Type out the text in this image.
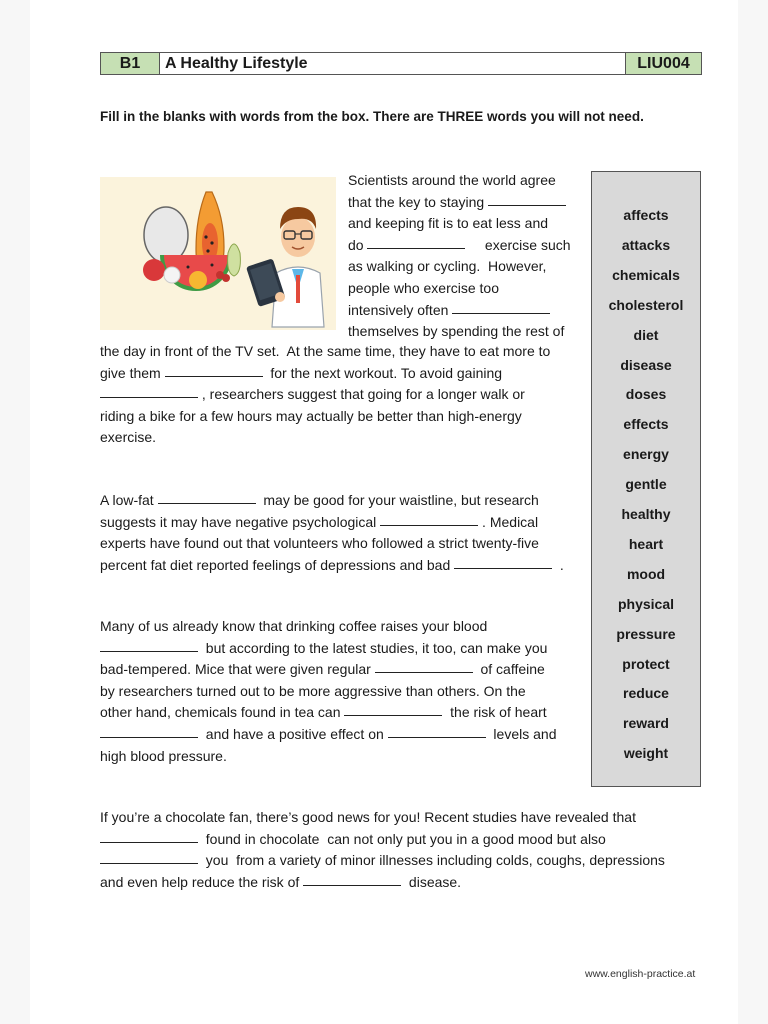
B1	A Healthy Lifestyle	LIU004
Fill in the blanks with words from the box. There are THREE words you will not need.
Scientists around the world agree
that the key to staying
and keeping fit is to eat less and
do	exercise such
as walking or cycling.  However,
people who exercise too
intensively often
themselves by spending the rest of
the day in front of the TV set.  At the same time, they have to eat more to
give them	for the next workout. To avoid gaining
, researchers suggest that going for a longer walk or
riding a bike for a few hours may actually be better than high-energy
exercise.
A low-fat	may be good for your waistline, but research
suggests it may have negative psychological	. Medical
experts have found out that volunteers who followed a strict twenty-five
percent fat diet reported feelings of depressions and bad	.
Many of us already know that drinking coffee raises your blood
but according to the latest studies, it too, can make you
bad-tempered. Mice that were given regular	of caffeine
by researchers turned out to be more aggressive than others. On the
other hand, chemicals found in tea can	the risk of heart
and have a positive effect on	levels and
high blood pressure.
If you’re a chocolate fan, there’s good news for you! Recent studies have revealed that
found in chocolate  can not only put you in a good mood but also
you  from a variety of minor illnesses including colds, coughs, depressions
and even help reduce the risk of	disease.
affects
attacks
chemicals
cholesterol
diet
disease
doses
effects
energy
gentle
healthy
heart
mood
physical
pressure
protect
reduce
reward
weight
www.english-practice.at
